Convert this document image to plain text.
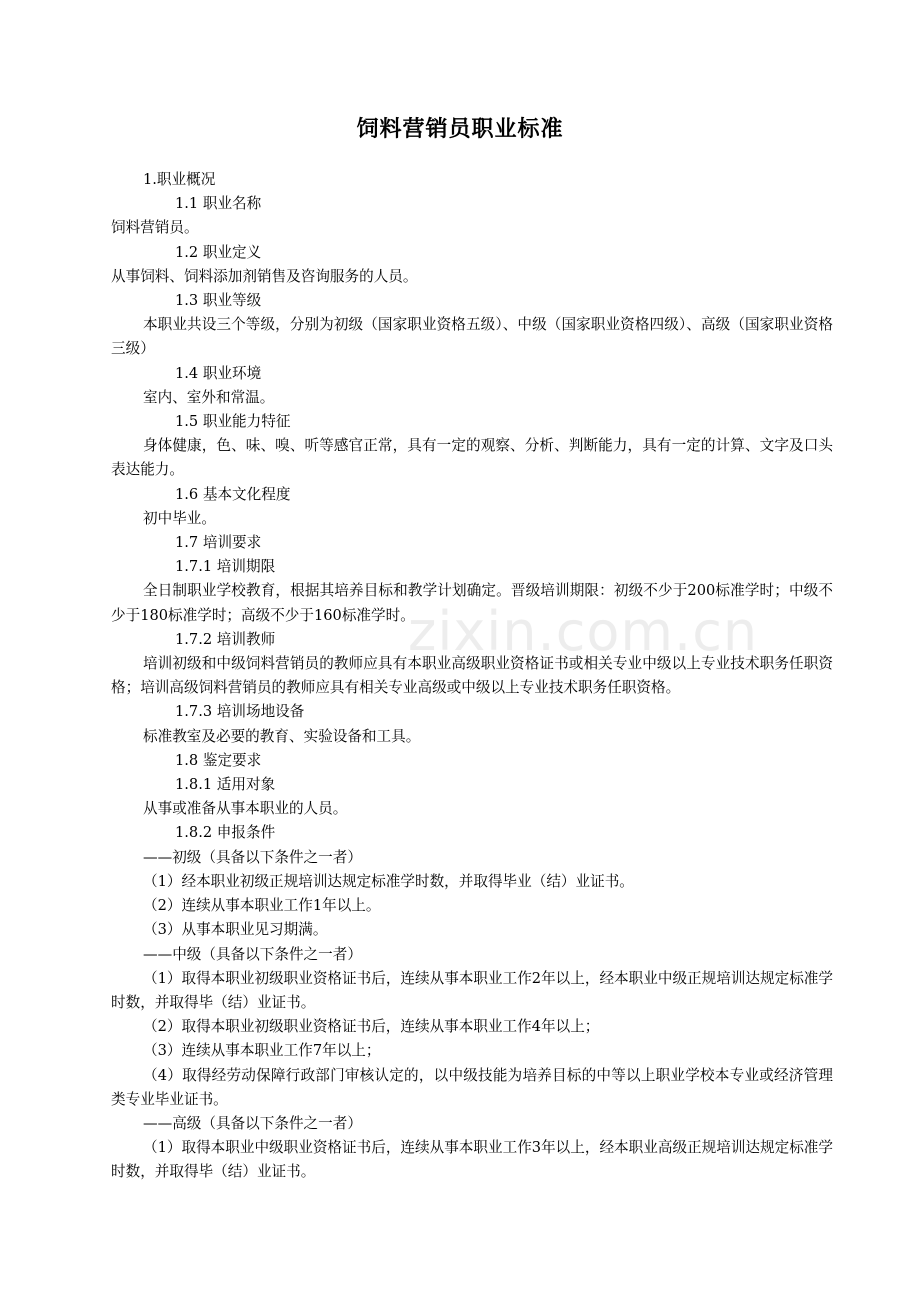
饲料营销员职业标准

1.职业概况

1.1 职业名称

饲料营销员。

1.2 职业定义

从事饲料、饲料添加剂销售及咨询服务的人员。

1.3 职业等级

本职业共设三个等级，分别为初级（国家职业资格五级）、中级（国家职业资格四级）、高级（国家职业资格三级）

1.4 职业环境

室内、室外和常温。

1.5 职业能力特征

身体健康，色、味、嗅、听等感官正常，具有一定的观察、分析、判断能力，具有一定的计算、文字及口头表达能力。

1.6 基本文化程度

初中毕业。

1.7 培训要求

1.7.1 培训期限

全日制职业学校教育，根据其培养目标和教学计划确定。晋级培训期限：初级不少于200标准学时；中级不少于180标准学时；高级不少于160标准学时。

1.7.2 培训教师

培训初级和中级饲料营销员的教师应具有本职业高级职业资格证书或相关专业中级以上专业技术职务任职资格；培训高级饲料营销员的教师应具有相关专业高级或中级以上专业技术职务任职资格。

1.7.3 培训场地设备

标准教室及必要的教育、实验设备和工具。

1.8 鉴定要求

1.8.1 适用对象

从事或准备从事本职业的人员。

1.8.2 申报条件

——初级（具备以下条件之一者）

（1）经本职业初级正规培训达规定标准学时数，并取得毕业（结）业证书。

（2）连续从事本职业工作1年以上。

（3）从事本职业见习期满。

——中级（具备以下条件之一者）

（1）取得本职业初级职业资格证书后，连续从事本职业工作2年以上，经本职业中级正规培训达规定标准学时数，并取得毕（结）业证书。

（2）取得本职业初级职业资格证书后，连续从事本职业工作4年以上；

（3）连续从事本职业工作7年以上；

（4）取得经劳动保障行政部门审核认定的，以中级技能为培养目标的中等以上职业学校本专业或经济管理类专业毕业证书。

——高级（具备以下条件之一者）

（1）取得本职业中级职业资格证书后，连续从事本职业工作3年以上，经本职业高级正规培训达规定标准学时数，并取得毕（结）业证书。

zixin.com.cn
